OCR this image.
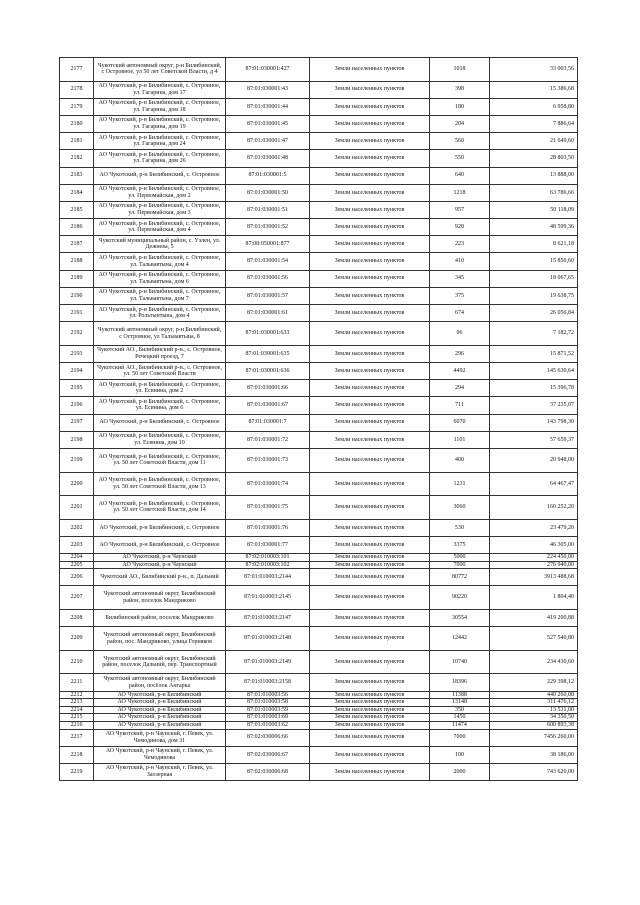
2177	Чукотский автономный округ, р-н Билибинский, с Островное, ул 50 лет Советской Власти, д 4	87:01:030001:427	Земли населенных пунктов	1018	33 003,56
2178	АО Чукотский, р-н Билибинский, с. Островное, ул. Гагарина, дом 17	87:01:030001:43	Земли населенных пунктов	398	15 386,68
2179	АО Чукотский, р-н Билибинский, с. Островное, ул. Гагарина, дом 18	87:01:030001:44	Земли населенных пунктов	180	6 958,80
2180	АО Чукотский, р-н Билибинский, с. Островное, ул. Гагарина, дом 19	87:01:030001:45	Земли населенных пунктов	204	7 886,64
2181	АО Чукотский, р-н Билибинский, с. Островное, ул. Гагарина, дом 24	87:01:030001:47	Земли населенных пунктов	560	21 649,60
2182	АО Чукотский, р-н Билибинский, с. Островное, ул. Гагарина, дом 26	87:01:030001:48	Земли населенных пунктов	550	28 803,50
2183	АО Чукотский, р-н Билибинский, с. Островное	87:01:030001:5	Земли населенных пунктов	640	13 888,00
2184	АО Чукотский, р-н Билибинский, с. Островное, ул. Первомайская, дом 2	87:01:030001:50	Земли населенных пунктов	1218	63 786,66
2185	АО Чукотский, р-н Билибинский, с. Островное, ул. Первомайская, дом 3	87:01:030001:51	Земли населенных пунктов	957	50 118,09
2186	АО Чукотский, р-н Билибинский, с. Островное, ул. Первомайская, дом 4	87:01:030001:52	Земли населенных пунктов	928	48 599,36
2187	Чукотский муниципальный район, с. Уэлен, ул. Дежнева, 5	87:08:050001:877	Земли населенных пунктов	223	8 621,18
2188	АО Чукотский, р-н Билибинский, с. Островное, ул. Тальвавтына, дом 4	87:01:030001:54	Земли населенных пунктов	410	15 850,60
2189	АО Чукотский, р-н Билибинский, с. Островное, ул. Тальвавтына, дом 6	87:01:030001:56	Земли населенных пунктов	345	18 067,65
2190	АО Чукотский, р-н Билибинский, с. Островное, ул. Тальвавтына, дом 7	87:01:030001:57	Земли населенных пунктов	375	19 638,75
2191	АО Чукотский, р-н Билибинский, с. Островное, ул. Рольтынтына, дом 4	87:01:030001:61	Земли населенных пунктов	674	26 056,84
2192	Чукотский автономный округ, р-н Билибинский, с Островное, ул Тальвавтына, 8	87:01:030001:633	Земли населенных пунктов	96	7 182,72
2193	Чукотский АО., Билибинский р-н., с. Островное, Речецкий проезд, 7	87:01:030001:635	Земли населенных пунктов	296	15 871,52
2194	Чукотский АО., Билибинский р-н., с. Островное, ул. 50 лет Советской Власти	87:01:030001:636	Земли населенных пунктов	4492	145 630,64
2195	АО Чукотский, р-н Билибинский, с. Островное, ул. Есвнина, дом 2	87:01:030001:66	Земли населенных пунктов	294	15 396,78
2196	АО Чукотский, р-н Билибинский, с. Островное, ул. Есвнина, дом 6	87:01:030001:67	Земли населенных пунктов	711	37 235,07
2197	АО Чукотский, р-н Билибинский, с. Островное	87:01:030001:7	Земли населенных пунктов	6070	143 798,30
2198	АО Чукотский, р-н Билибинский, с. Островное, ул. Есвнина, дом 10	87:01:030001:72	Земли населенных пунктов	1101	57 659,37
2199	АО Чукотский, р-н Билибинский, с. Островное, ул. 50 лет Советской Власти, дом 11	87:01:030001:73	Земли населенных пунктов	400	20 948,00
2200	АО Чукотский, р-н Билибинский, с. Островное, ул. 50 лет Советской Власти, дом 13	87:01:030001:74	Земли населенных пунктов	1231	64 467,47
2201	АО Чукотский, р-н Билибинский, с. Островное, ул. 50 лет Советской Власти, дом 14	87:01:030001:75	Земли населенных пунктов	3060	160 252,20
2202	АО Чукотский, р-н Билибинский, с. Островное	87:01:030001:76	Земли населенных пунктов	530	23 479,20
2203	АО Чукотский, р-н Билибинский, с. Островное	87:01:030001:77	Земли населенных пунктов	3375	46 305,00
2204	АО Чукотский, р-н Чаунский	87:02:010003:101	Земли населенных пунктов	5000	224 450,00
2205	АО Чукотский, р-н Чаунский	87:02:010003:102	Земли населенных пунктов	7000	276 940,00
2206	Чукотский АО., Билибинский р-н., п. Дальний	87:01:010003:2144	Земли населенных пунктов	80772	3913 488,68
2207	Чукотский автономный округ, Билибинский район, поселок Мандрикoво	87:01:010003:2145	Земли населенных пунктов	90220	1 804,40
2208	Билибинский район, поселок Мандрикoво	87:01:010003:2147	Земли населенных пунктов	30554	419 200,88
2209	Чукотский автономный округ, Билибинский район, пос. Мандрикoво, улица Горняков	87:01:010003:2148	Земли населенных пунктов	12442	527 540,80
2210	Чукотский автономный округ, Билибинский район, поселок Дальний, пер. Транспортный	87:01:010003:2149	Земли населенных пунктов	10740	234 430,60
2211	Чукотский автономный округ, Билибинский район, посёлок Ангарка	87:01:010003:2158	Земли населенных пунктов	18396	229 398,12
2212	АО Чукотский, р-н Билибинский	87:01:010003:56	Земли населенных пунктов	11388	440 260,08
2213	АО Чукотский, р-н Билибинский	87:01:010003:58	Земли населенных пунктов	13148	311 476,12
2214	АО Чукотский, р-н Билибинский	87:01:010003:59	Земли населенных пунктов	350	13 531,00
2215	АО Чукотский, р-н Билибинский	87:01:010003:60	Земли населенных пунктов	1450	34 350,50
2216	АО Чукотский, р-н Билибинский	87:01:010003:62	Земли населенных пунктов	11474	600 893,38
2217	АО Чукотский, р-н Чаунский, г. Певек, ул. Чемодинова, дом 31	87:02:030006:66	Земли населенных пунктов	7000	7456 260,00
2218	АО Чукотский, р-н Чаунский, г. Певек, ул. Чемодинова	87:02:030006:67	Земли населенных пунктов	100	38 186,00
2219	АО Чукотский, р-н Чаунский, г. Певек, ул. Заозерная	87:02:030006:68	Земли населенных пунктов	2000	743 620,00
